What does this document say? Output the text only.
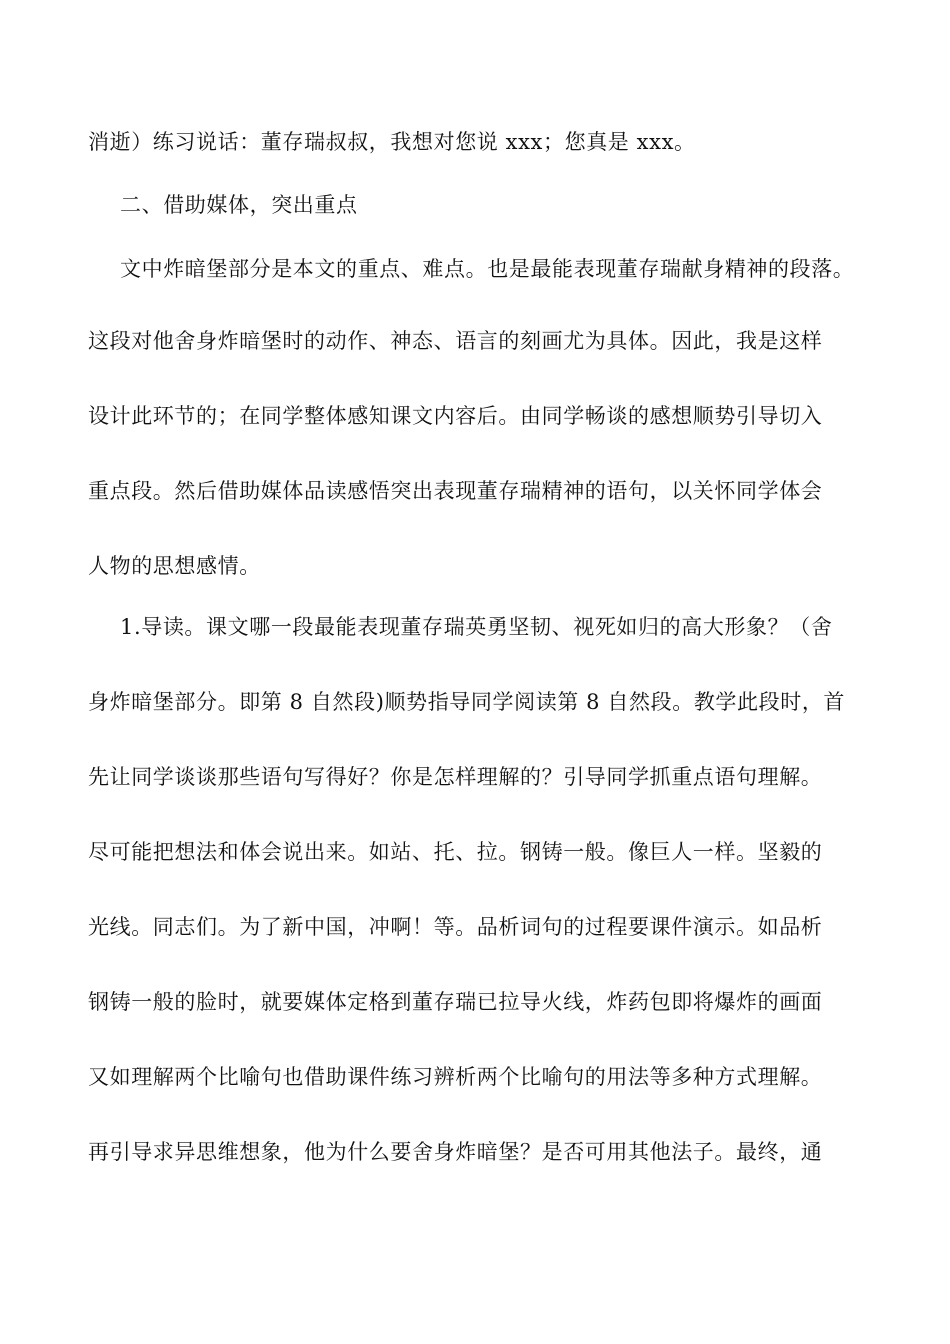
消逝）练习说话：董存瑞叔叔，我想对您说 xxx；您真是 xxx。

二、借助媒体，突出重点

文中炸暗堡部分是本文的重点、难点。也是最能表现董存瑞献身精神的段落。

这段对他舍身炸暗堡时的动作、神态、语言的刻画尤为具体。因此，我是这样

设计此环节的；在同学整体感知课文内容后。由同学畅谈的感想顺势引导切入

重点段。然后借助媒体品读感悟突出表现董存瑞精神的语句，以关怀同学体会

人物的思想感情。

1.导读。课文哪一段最能表现董存瑞英勇坚韧、视死如归的高大形象？（舍

身炸暗堡部分。即第 8 自然段)顺势指导同学阅读第 8 自然段。教学此段时，首

先让同学谈谈那些语句写得好？你是怎样理解的？引导同学抓重点语句理解。

尽可能把想法和体会说出来。如站、托、拉。钢铸一般。像巨人一样。坚毅的

光线。同志们。为了新中国，冲啊！等。品析词句的过程要课件演示。如品析

钢铸一般的脸时，就要媒体定格到董存瑞已拉导火线，炸药包即将爆炸的画面

又如理解两个比喻句也借助课件练习辨析两个比喻句的用法等多种方式理解。

再引导求异思维想象，他为什么要舍身炸暗堡？是否可用其他法子。最终，通
